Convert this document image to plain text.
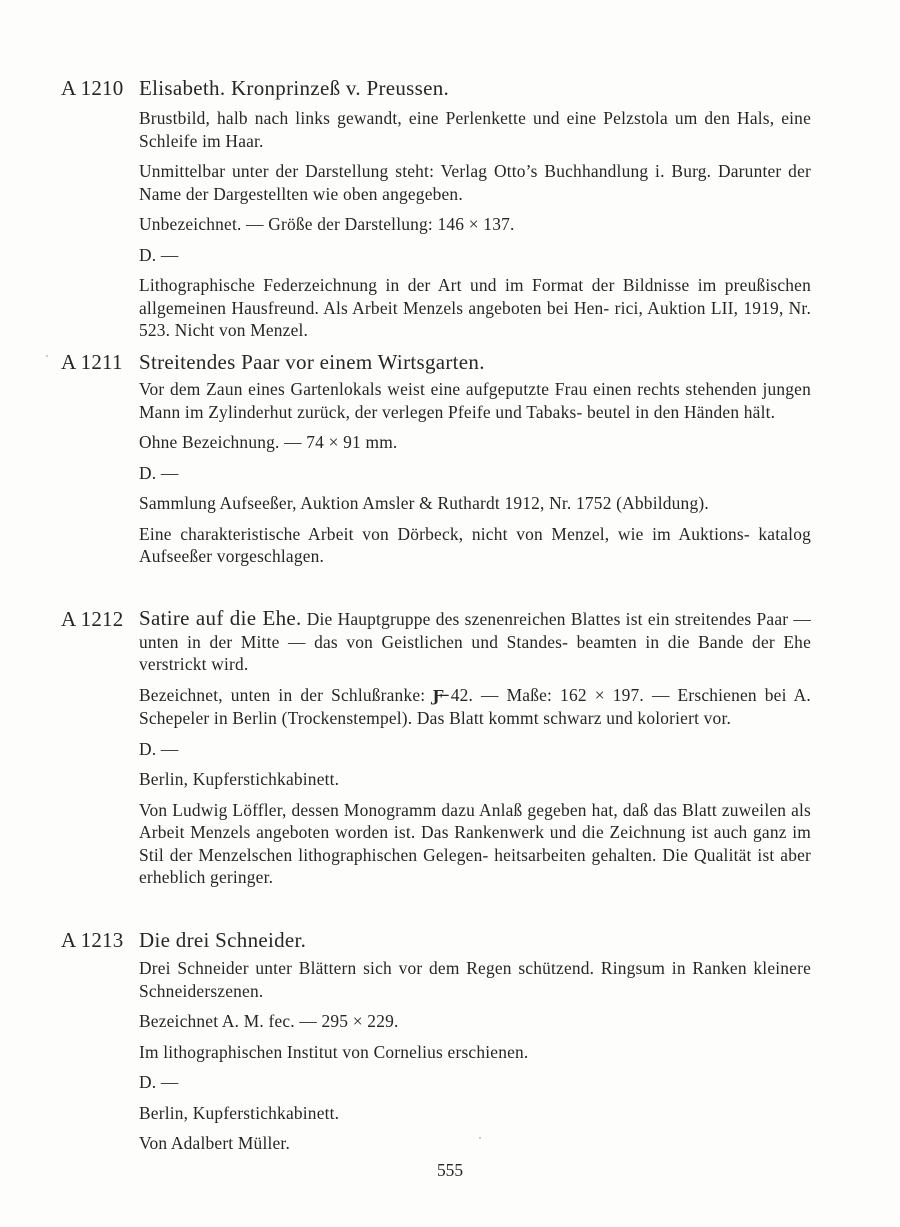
A 1210 Elisabeth. Kronprinzeß v. Preussen.

Brustbild, halb nach links gewandt, eine Perlenkette und eine Pelzstola um den Hals, eine Schleife im Haar.

Unmittelbar unter der Darstellung steht: Verlag Otto’s Buchhandlung i. Burg. Darunter der Name der Dargestellten wie oben angegeben.

Unbezeichnet. — Größe der Darstellung: 146 × 137.

D. —

Lithographische Federzeichnung in der Art und im Format der Bildnisse im preußischen allgemeinen Hausfreund. Als Arbeit Menzels angeboten bei Hen- rici, Auktion LII, 1919, Nr. 523. Nicht von Menzel.

A 1211 Streitendes Paar vor einem Wirtsgarten.

Vor dem Zaun eines Gartenlokals weist eine aufgeputzte Frau einen rechts stehenden jungen Mann im Zylinderhut zurück, der verlegen Pfeife und Tabaks- beutel in den Händen hält.

Ohne Bezeichnung. — 74 × 91 mm.

D. —

Sammlung Aufseeßer, Auktion Amsler & Ruthardt 1912, Nr. 1752 (Abbildung).

Eine charakteristische Arbeit von Dörbeck, nicht von Menzel, wie im Auktions- katalog Aufseeßer vorgeschlagen.

A 1212 Satire auf die Ehe. Die Hauptgruppe des szenenreichen Blattes ist ein streitendes Paar — unten in der Mitte — das von Geistlichen und Standes- beamten in die Bande der Ehe verstrickt wird.

Bezeichnet, unten in der Schlußranke: Ƒ̶ 42. — Maße: 162 × 197. — Erschienen bei A. Schepeler in Berlin (Trockenstempel). Das Blatt kommt schwarz und koloriert vor.

D. —

Berlin, Kupferstichkabinett.

Von Ludwig Löffler, dessen Monogramm dazu Anlaß gegeben hat, daß das Blatt zuweilen als Arbeit Menzels angeboten worden ist. Das Rankenwerk und die Zeichnung ist auch ganz im Stil der Menzelschen lithographischen Gelegen- heitsarbeiten gehalten. Die Qualität ist aber erheblich geringer.

A 1213 Die drei Schneider.

Drei Schneider unter Blättern sich vor dem Regen schützend. Ringsum in Ranken kleinere Schneiderszenen.

Bezeichnet A. M. fec. — 295 × 229.

Im lithographischen Institut von Cornelius erschienen.

D. —

Berlin, Kupferstichkabinett.

Von Adalbert Müller.

555
